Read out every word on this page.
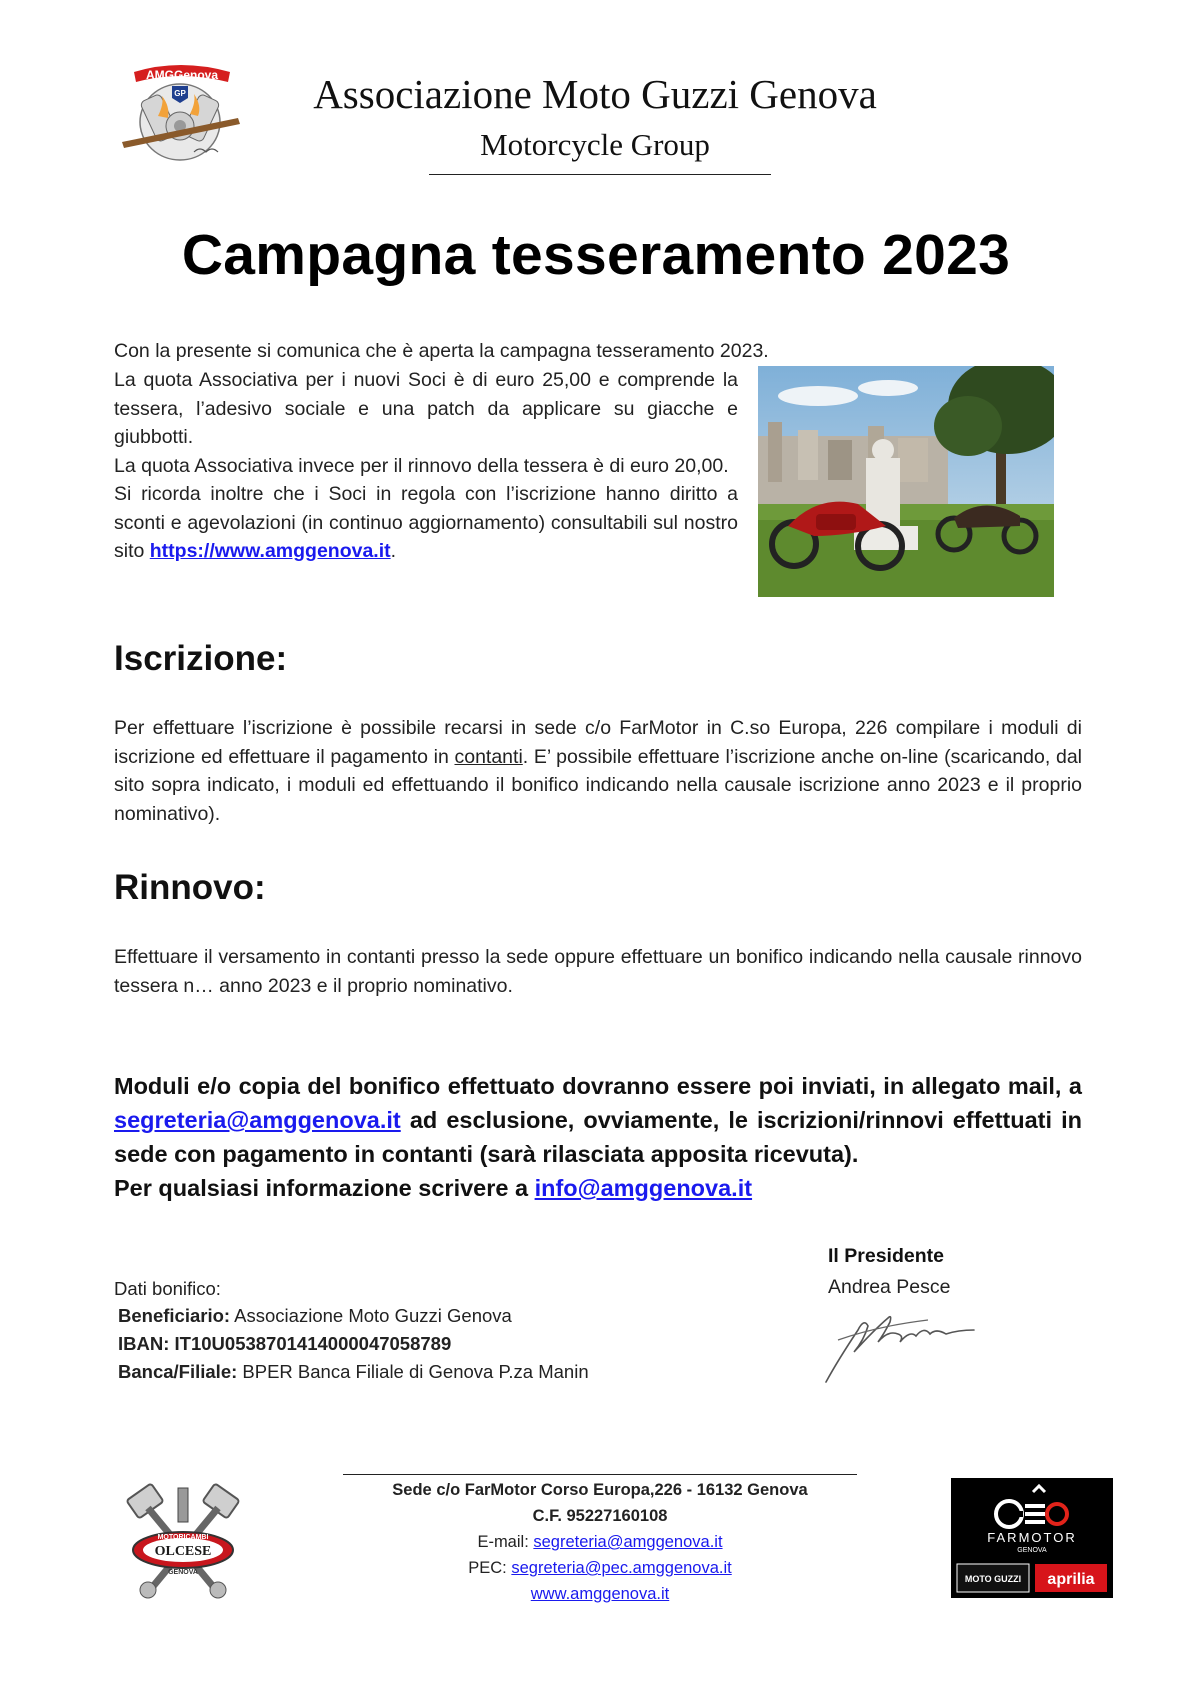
AMGGenova
GP	Associazione Moto Guzzi Genova
Motorcycle Group
Campagna tesseramento 2023
Con la presente si comunica che è aperta la campagna tesseramento 2023.

La quota Associativa per i nuovi Soci è di euro 25,00 e comprende la tessera, l’adesivo sociale e una patch da applicare su giacche e giubbotti.

La quota Associativa invece per il rinnovo della tessera è di euro 20,00.

Si ricorda inoltre che i Soci in regola con l’iscrizione hanno diritto a sconti e agevolazioni (in continuo aggiornamento) consultabili sul nostro sito https://www.amggenova.it.

Iscrizione:
Per effettuare l’iscrizione è possibile recarsi in sede c/o FarMotor in C.so Europa, 226 compilare i moduli di iscrizione ed effettuare il pagamento in contanti. E’ possibile effettuare l’iscrizione anche on-line (scaricando, dal sito sopra indicato, i moduli ed effettuando il bonifico indicando nella causale iscrizione anno 2023 e il proprio nominativo).
Rinnovo:
Effettuare il versamento in contanti presso la sede oppure effettuare un bonifico indicando nella causale rinnovo tessera n… anno 2023 e il proprio nominativo.

Moduli e/o copia del bonifico effettuato dovranno essere poi inviati, in allegato mail, a segreteria@amggenova.it ad esclusione, ovviamente, le iscrizioni/rinnovi effettuati in sede con pagamento in contanti (sarà rilasciata apposita ricevuta).

Per qualsiasi informazione scrivere a info@amggenova.it

Il Presidente
Andrea Pesce
Dati bonifico:
Beneficiario: Associazione Moto Guzzi Genova
IBAN: IT10U0538701414000047058789
Banca/Filiale: BPER Banca Filiale di Genova P.za Manin
Sede c/o FarMotor Corso Europa,226 - 16132 Genova
C.F. 95227160108
E-mail: segreteria@amggenova.it
PEC: segreteria@pec.amggenova.it
www.amggenova.it
MOTORICAMBI
OLCESE
GENOVA
FARMOTOR
GENOVA
MOTO GUZZI aprilia
